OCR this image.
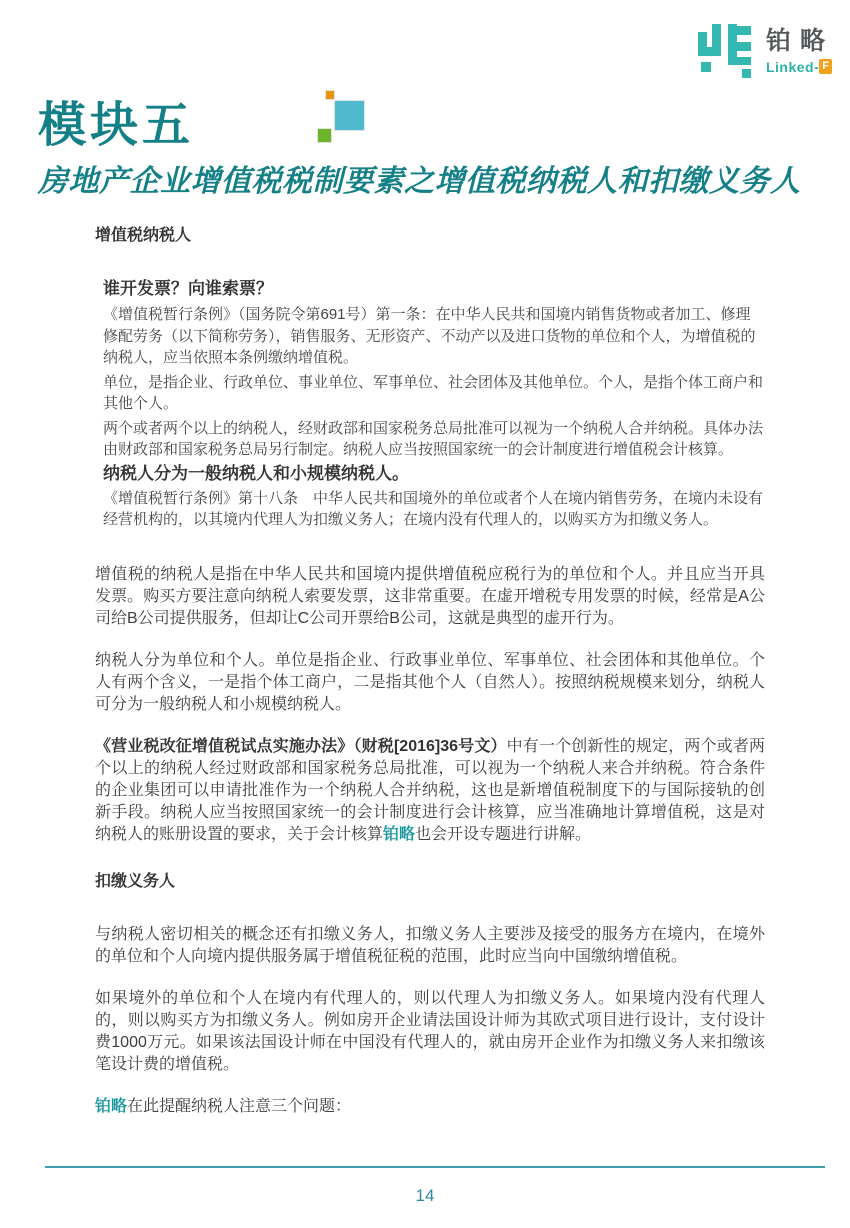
铂略
Linked- F
模块五
房地产企业增值税税制要素之增值税纳税人和扣缴义务人
增值税纳税人
谁开发票？向谁索票？

《增值税暂行条例》（国务院令第691号）第一条：在中华人民共和国境内销售货物或者加工、修理修配劳务（以下简称劳务），销售服务、无形资产、不动产以及进口货物的单位和个人，为增值税的纳税人，应当依照本条例缴纳增值税。

单位，是指企业、行政单位、事业单位、军事单位、社会团体及其他单位。个人，是指个体工商户和其他个人。

两个或者两个以上的纳税人，经财政部和国家税务总局批准可以视为一个纳税人合并纳税。具体办法由财政部和国家税务总局另行制定。纳税人应当按照国家统一的会计制度进行增值税会计核算。

纳税人分为一般纳税人和小规模纳税人。

《增值税暂行条例》第十八条　中华人民共和国境外的单位或者个人在境内销售劳务，在境内未设有经营机构的，以其境内代理人为扣缴义务人；在境内没有代理人的，以购买方为扣缴义务人。

增值税的纳税人是指在中华人民共和国境内提供增值税应税行为的单位和个人。并且应当开具发票。购买方要注意向纳税人索要发票，这非常重要。在虚开增税专用发票的时候，经常是A公司给B公司提供服务，但却让C公司开票给B公司，这就是典型的虚开行为。

纳税人分为单位和个人。单位是指企业、行政事业单位、军事单位、社会团体和其他单位。个人有两个含义，一是指个体工商户，二是指其他个人（自然人）。按照纳税规模来划分，纳税人可分为一般纳税人和小规模纳税人。

《营业税改征增值税试点实施办法》（财税[2016]36号文）中有一个创新性的规定，两个或者两个以上的纳税人经过财政部和国家税务总局批准，可以视为一个纳税人来合并纳税。符合条件的企业集团可以申请批准作为一个纳税人合并纳税，这也是新增值税制度下的与国际接轨的创新手段。纳税人应当按照国家统一的会计制度进行会计核算，应当准确地计算增值税，这是对纳税人的账册设置的要求，关于会计核算铂略也会开设专题进行讲解。

扣缴义务人

与纳税人密切相关的概念还有扣缴义务人，扣缴义务人主要涉及接受的服务方在境内，在境外的单位和个人向境内提供服务属于增值税征税的范围，此时应当向中国缴纳增值税。

如果境外的单位和个人在境内有代理人的，则以代理人为扣缴义务人。如果境内没有代理人的，则以购买方为扣缴义务人。例如房开企业请法国设计师为其欧式项目进行设计，支付设计费1000万元。如果该法国设计师在中国没有代理人的，就由房开企业作为扣缴义务人来扣缴该笔设计费的增值税。

铂略在此提醒纳税人注意三个问题：

14
